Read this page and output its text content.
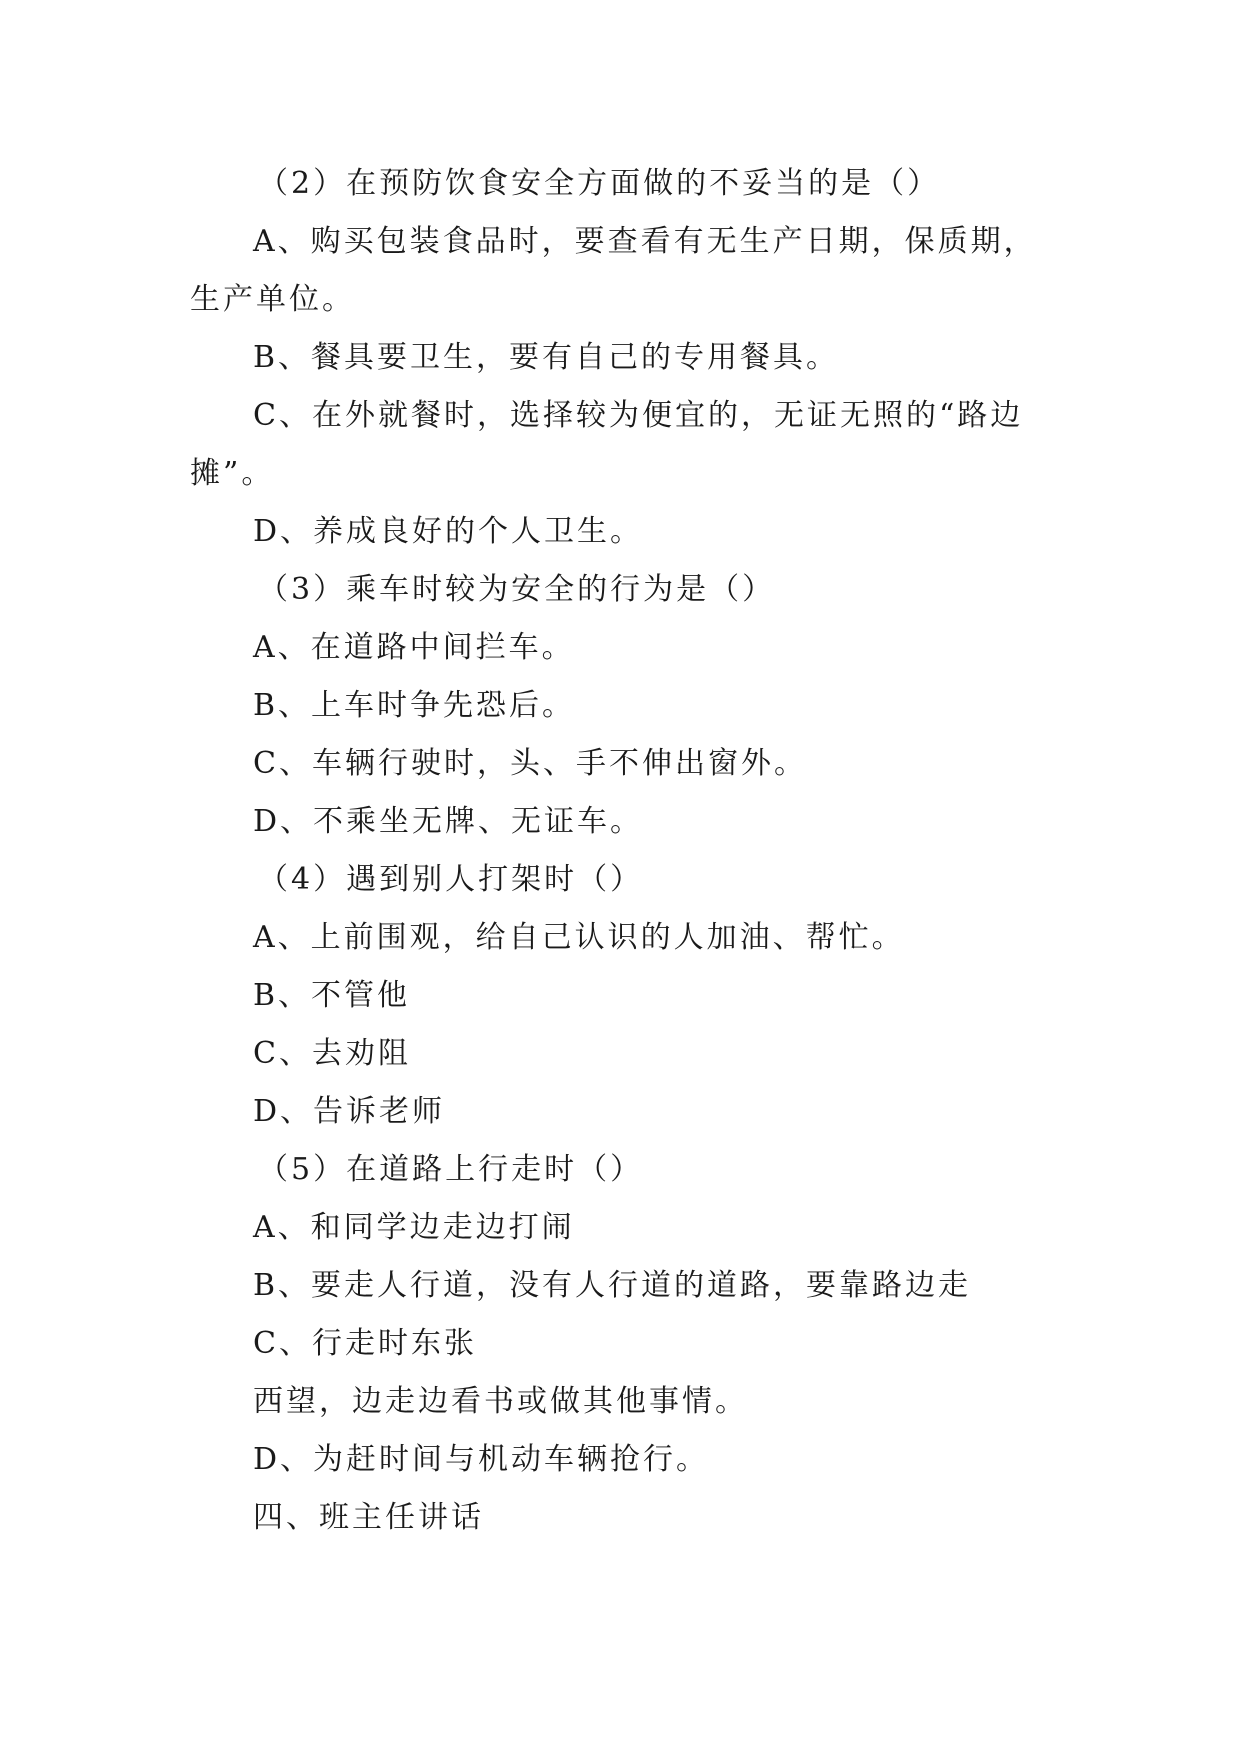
（2）在预防饮食安全方面做的不妥当的是（）
A、购买包装食品时，要查看有无生产日期，保质期，
生产单位。
B、餐具要卫生，要有自己的专用餐具。
C、在外就餐时，选择较为便宜的，无证无照的“路边
摊”。
D、养成良好的个人卫生。
（3）乘车时较为安全的行为是（）
A、在道路中间拦车。
B、上车时争先恐后。
C、车辆行驶时，头、手不伸出窗外。
D、不乘坐无牌、无证车。
（4）遇到别人打架时（）
A、上前围观，给自己认识的人加油、帮忙。
B、不管他
C、去劝阻
D、告诉老师
（5）在道路上行走时（）
A、和同学边走边打闹
B、要走人行道，没有人行道的道路，要靠路边走
C、行走时东张
西望，边走边看书或做其他事情。
D、为赶时间与机动车辆抢行。
四、班主任讲话
